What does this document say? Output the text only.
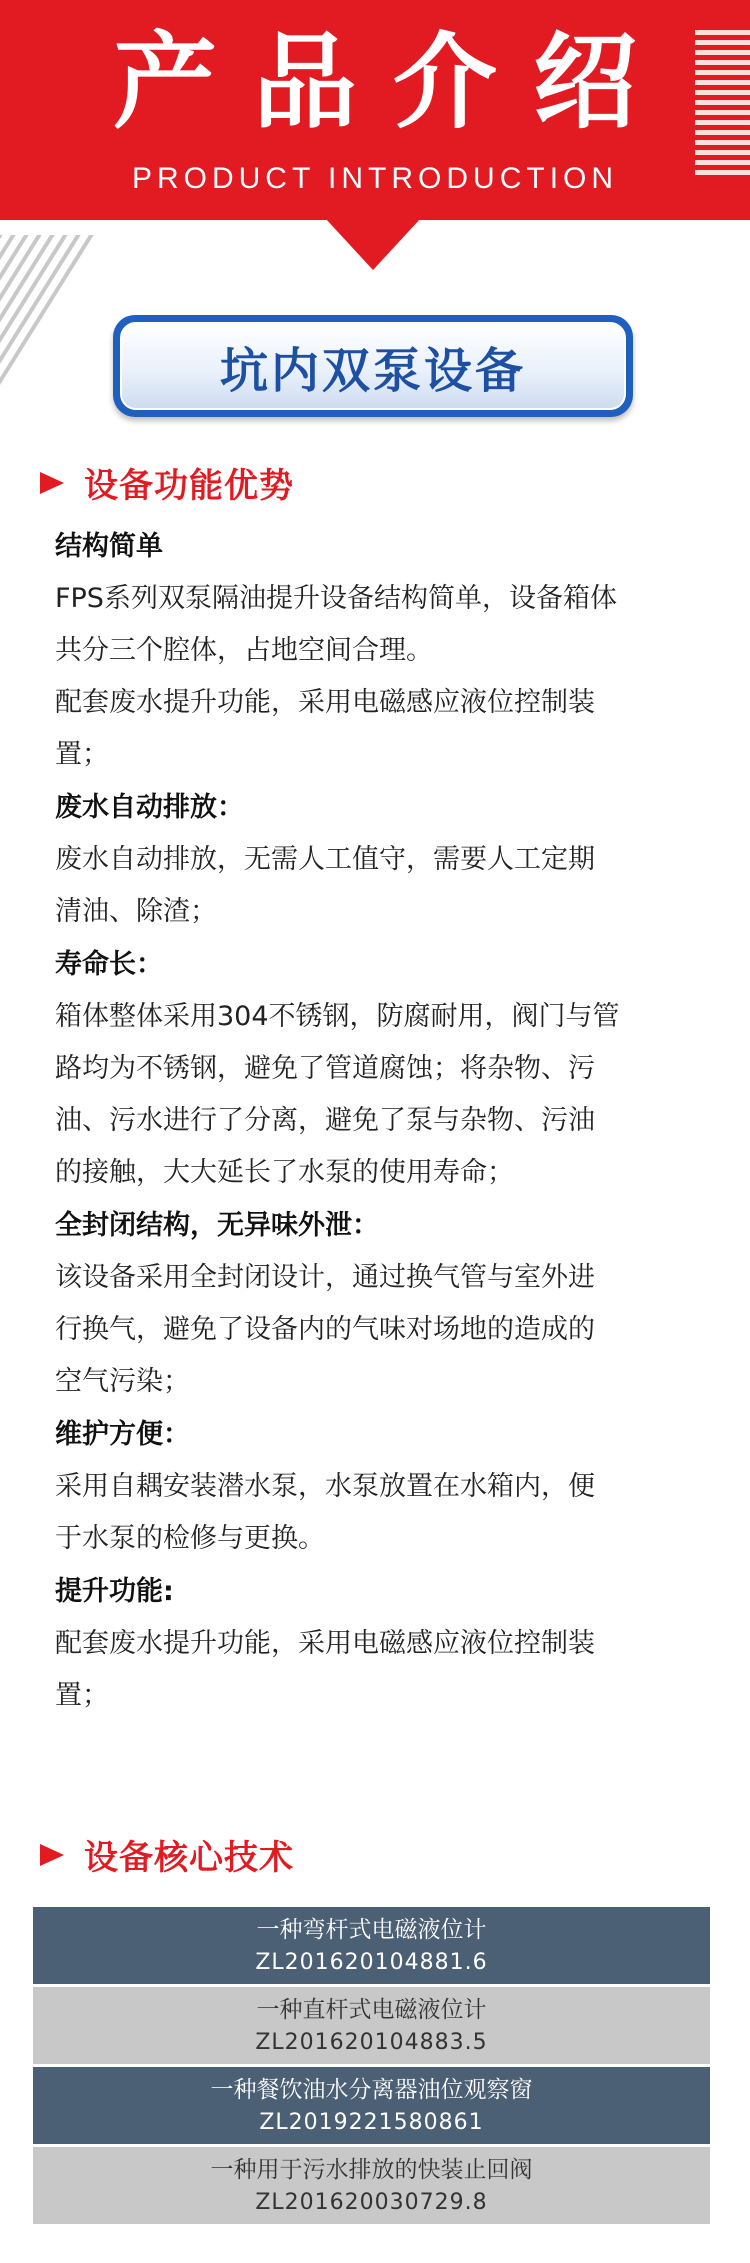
产品介绍
PRODUCT INTRODUCTION
坑内双泵设备
设备功能优势
结构简单
FPS系列双泵隔油提升设备结构简单，设备箱体
共分三个腔体，占地空间合理。
配套废水提升功能，采用电磁感应液位控制装
置；
废水自动排放：
废水自动排放，无需人工值守，需要人工定期
清油、除渣；
寿命长：
箱体整体采用304不锈钢，防腐耐用，阀门与管
路均为不锈钢，避免了管道腐蚀；将杂物、污
油、污水进行了分离，避免了泵与杂物、污油
的接触，大大延长了水泵的使用寿命；
全封闭结构，无异味外泄：
该设备采用全封闭设计，通过换气管与室外进
行换气，避免了设备内的气味对场地的造成的
空气污染；
维护方便：
采用自耦安装潜水泵，水泵放置在水箱内，便
于水泵的检修与更换。
提升功能:
配套废水提升功能，采用电磁感应液位控制装
置；
设备核心技术
一种弯杆式电磁液位计
ZL201620104881.6
一种直杆式电磁液位计
ZL201620104883.5
一种餐饮油水分离器油位观察窗
ZL2019221580861
一种用于污水排放的快装止回阀
ZL201620030729.8
